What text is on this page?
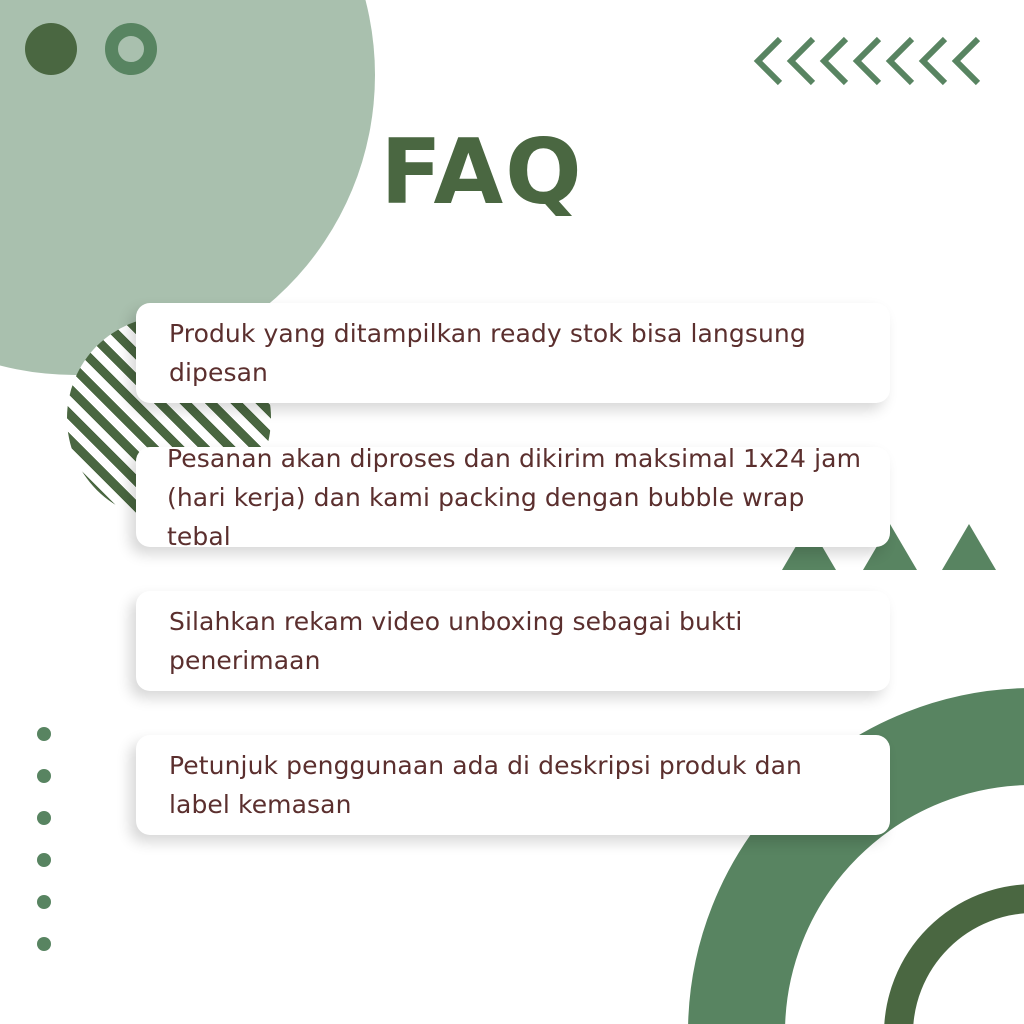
FAQ
Produk yang ditampilkan ready stok bisa langsung dipesan
Pesanan akan diproses dan dikirim maksimal 1x24 jam (hari kerja) dan kami packing dengan bubble wrap tebal
Silahkan rekam video unboxing sebagai bukti penerimaan
Petunjuk penggunaan ada di deskripsi produk dan label kemasan
